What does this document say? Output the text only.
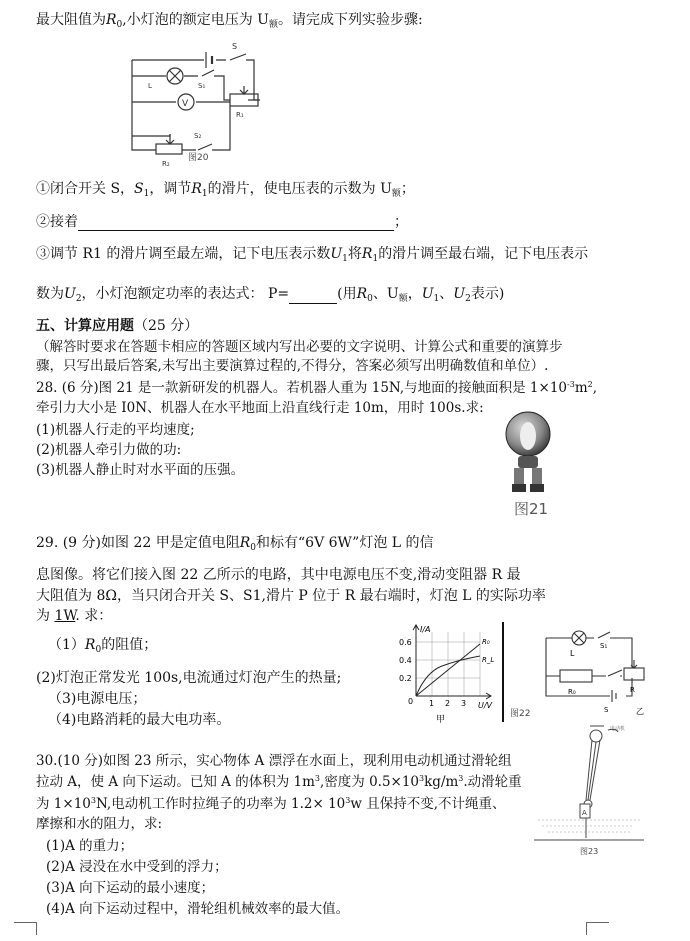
最大阻值为$R_0$,小灯泡的额定电压为 $U_额$。请完成下列实验步骤:
S
S₁
L
V
R₁
R₂
S₂
图20
①闭合开关 S，$S_1$，调节$R_1$的滑片，使电压表的示数为 $U_额$；
②接着	；
③调节 R1 的滑片调至最左端，记下电压表示数$U_1$将$R_1$的滑片调至最右端，记下电压表示
数为$U_2$，小灯泡额定功率的表达式： P=	(用$R_0$、$U_额$，$U_1$、$U_2$表示)
五、计算应用题（25 分）
（解答时要求在答题卡相应的答题区域内写出必要的文字说明、计算公式和重要的演算步
骤，只写出最后答案,未写出主要演算过程的,不得分，答案必须写出明确数值和单位）.
28. (6 分)图 21 是一款新研发的机器人。若机器人重为 15N,与地面的接触面积是 $1\times 10^{-3}m^2$,
牵引力大小是 I0N、机器人在水平地面上沿直线行走 10m，用时 100s.求:
(1)机器人行走的平均速度;
(2)机器人牵引力做的功:
(3)机器人静止时对水平面的压强。
图21
29. (9 分)如图 22 甲是定值电阻$R_0$和标有“6V 6W”灯泡 L 的信
息图像。将它们接入图 22 乙所示的电路，其中电源电压不变,滑动变阻器 R 最
大阻值为 8Ω，当只闭合开关 S、S1,滑片 P 位于 R 最右端时，灯泡 L 的实际功率
为 1W. 求：
$(1)R_0$的阻值；
(2)灯泡正常发光 100s,电流通过灯泡产生的热量;
（3)电源电压；
（4)电路消耗的最大电功率。
I/A
0.6
0.4
0.2
0 1 2 3 U/V
R₀
R_L
甲
图22
L
S₁
R₀	R
S	乙
30.(10 分)如图 23 所示，实心物体 A 漂浮在水面上，现利用电动机通过滑轮组
拉动 A，使 A 向下运动。已知 A 的体积为 $1m^3$,密度为 $0.5\times 10^3kg/m^3$.动滑轮重
为 $1\times 10^3N$,电动机工作时拉绳子的功率为 $1.2\times 10^3w$ 且保持不变,不计绳重、
摩擦和水的阻力，求:
(1)A 的重力；
(2)A 浸没在水中受到的浮力；
(3)A 向下运动的最小速度；
(4)A 向下运动过程中，滑轮组机械效率的最大值。
电动机
A
图23
